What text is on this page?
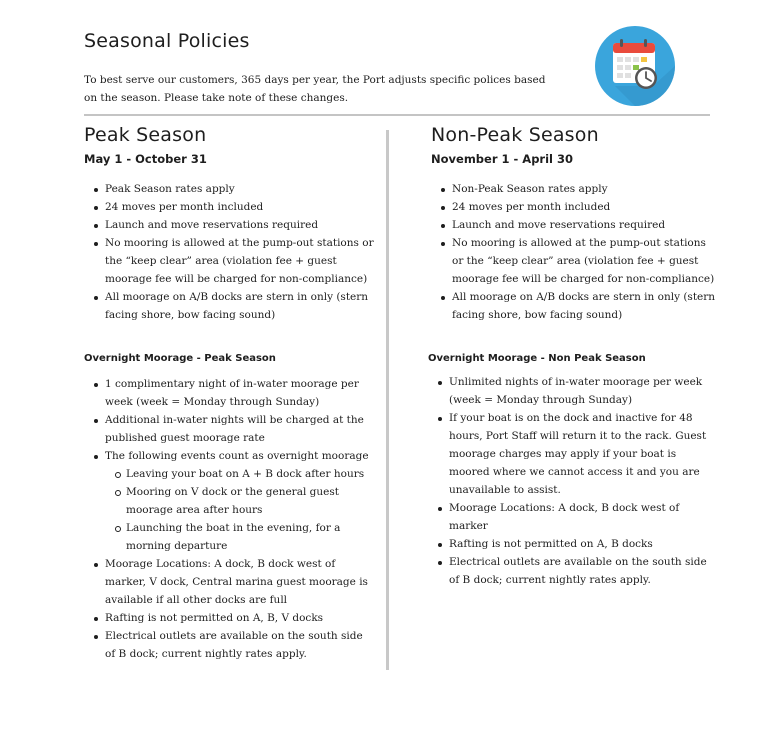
Seasonal Policies
To best serve our customers, 365 days per year, the Port adjusts specific polices based
on the season. Please take note of these changes.
Peak Season
May 1 - October 31
Peak Season rates apply
24 moves per month included
Launch and move reservations required
No mooring is allowed at the pump-out stations or the “keep clear” area (violation fee + guest moorage fee will be charged for non-compliance)
All moorage on A/B docks are stern in only (stern facing shore, bow facing sound)
Overnight Moorage - Peak Season
1 complimentary night of in-water moorage per week (week = Monday through Sunday)
Additional in-water nights will be charged at the published guest moorage rate
The following events count as overnight moorage
Leaving your boat on A + B dock after hours
Mooring on V dock or the general guest moorage area after hours
Launching the boat in the evening, for a morning departure
Moorage Locations: A dock, B dock west of marker, V dock, Central marina guest moorage is available if all other docks are full
Rafting is not permitted on A, B, V docks
Electrical outlets are available on the south side of B dock; current nightly rates apply.
Non-Peak Season
November 1 - April 30
Non-Peak Season rates apply
24 moves per month included
Launch and move reservations required
No mooring is allowed at the pump-out stations or the “keep clear” area (violation fee + guest moorage fee will be charged for non-compliance)
All moorage on A/B docks are stern in only (stern facing shore, bow facing sound)
Overnight Moorage - Non Peak Season
Unlimited nights of in-water moorage per week (week = Monday through Sunday)
If your boat is on the dock and inactive for 48 hours, Port Staff will return it to the rack. Guest moorage charges may apply if your boat is moored where we cannot access it and you are unavailable to assist.
Moorage Locations: A dock, B dock west of marker
Rafting is not permitted on A, B docks
Electrical outlets are available on the south side of B dock; current nightly rates apply.
